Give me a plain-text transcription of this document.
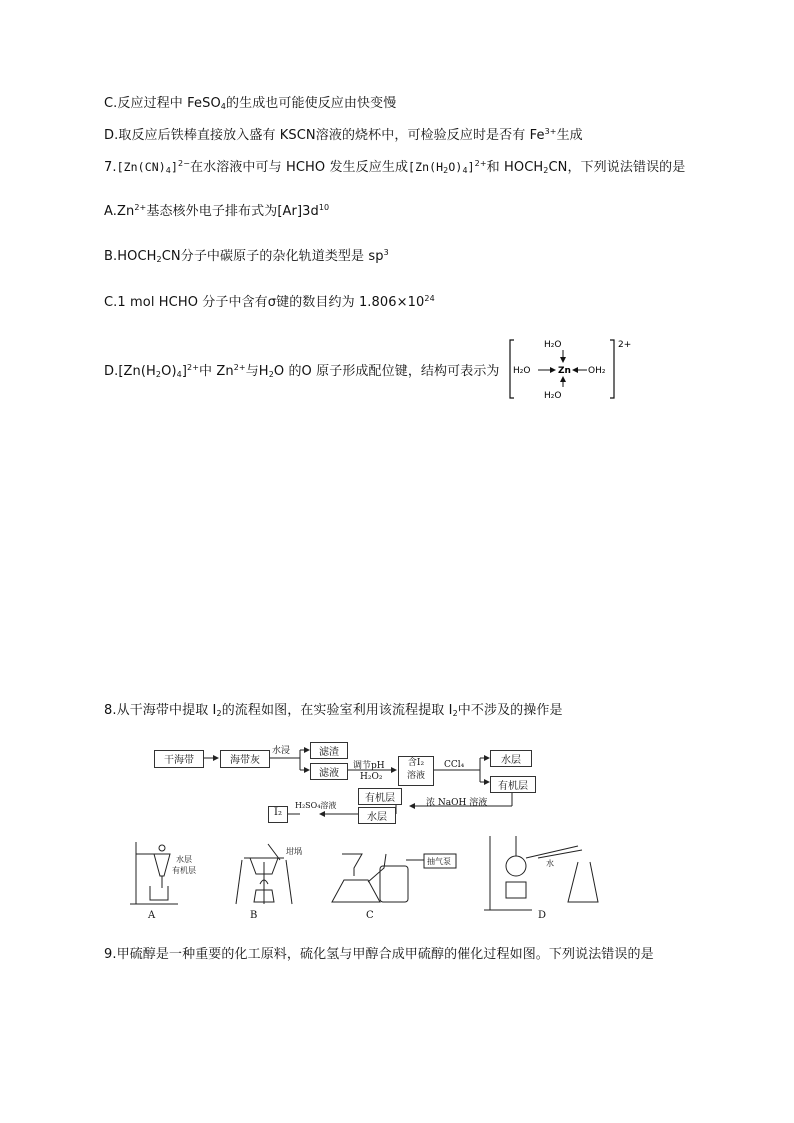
C.反应过程中 FeSO$_4$的生成也可能使反应由快变慢
D.取反应后铁棒直接放入盛有 KSCN溶液的烧杯中，可检验反应时是否有 $Fe^{3+}$生成
$7.[Zn(CN)_4]^{2-}$在水溶液中可与 HCHO 发生反应生成$[Zn(H_2O)_4]^{2+}$和 $HOCH_2CN$，下列说法错误的是
$A.Zn^{2+}$基态核外电子排布式为$[Ar]3d^{10}$
$B.HOCH_2CN$分子中碳原子的杂化轨道类型是 $sp^3$
C.1 mol HCHO 分子中含有σ键的数目约为 $1.806\times 10^{24}$
$D.[Zn(H_2O)_4]^{2+}$中 $Zn^{2+}$与$H_2O$ 的O 原子形成配位键，结构可表示为
2+
H₂O
H₂O	Zn OH₂
H₂O
8.从干海带中提取 $I_2$的流程如图，在实验室利用该流程提取 $I_2$中不涉及的操作是
干海带	海带灰
水浸	滤渣
滤液
调节pH
H₂O₂
含I₂
溶液
CCl₄	水层
有机层
浓 NaOH 溶液
有机层
水层
H₂SO₄溶液
I₂
水层
有机层
坩埚
抽气泵	水
A	B	C	D
9.甲硫醇是一种重要的化工原料，硫化氢与甲醇合成甲硫醇的催化过程如图。下列说法错误的是
